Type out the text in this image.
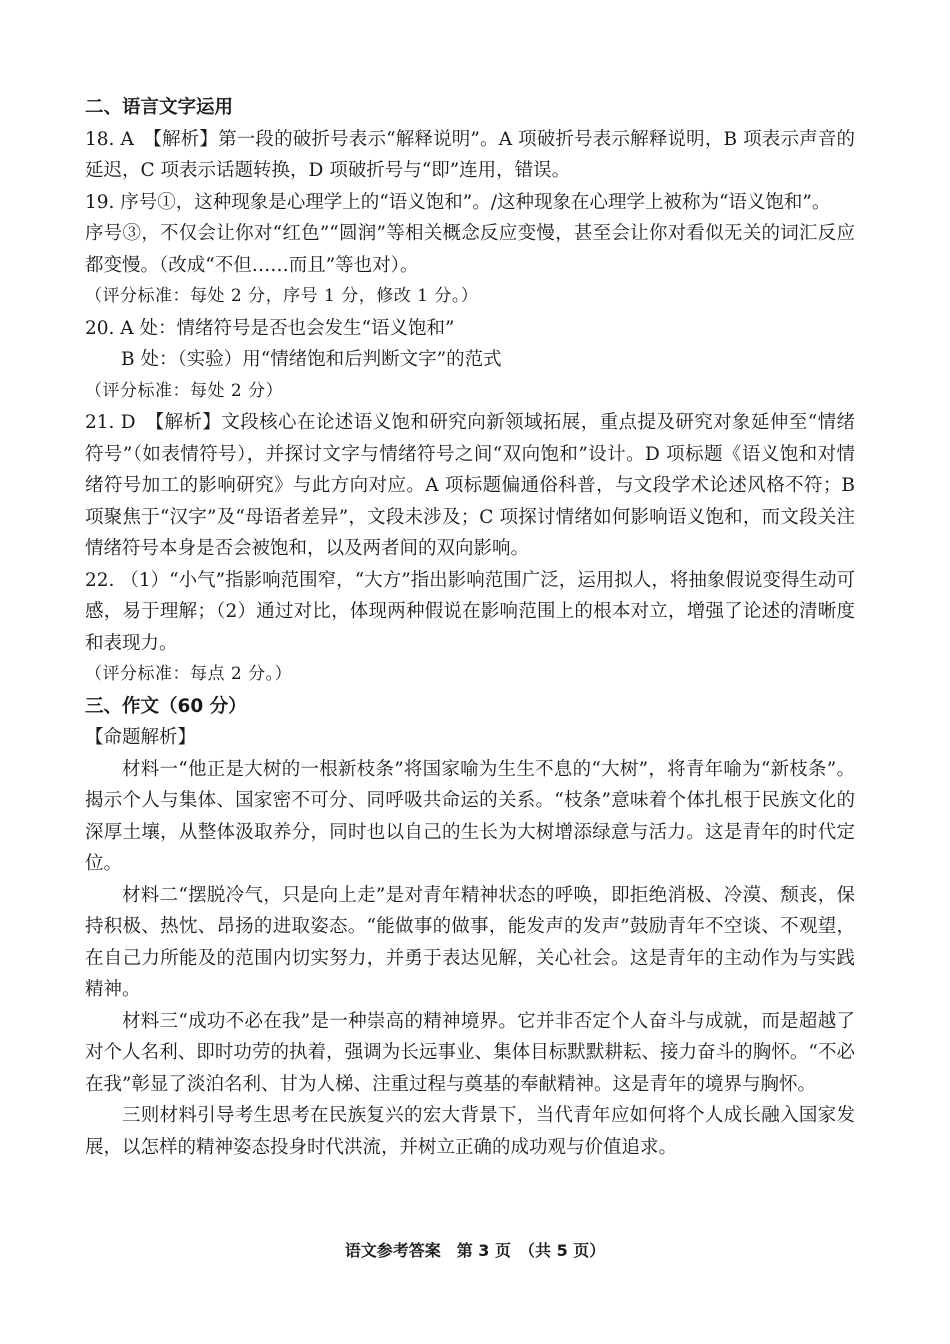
二、语言文字运用
18. A　【解析】第一段的破折号表示“解释说明”。A 项破折号表示解释说明，B 项表示声音的延迟，C 项表示话题转换，D 项破折号与“即”连用，错误。
19. 序号①，这种现象是心理学上的“语义饱和”。/这种现象在心理学上被称为“语义饱和”。
序号③，不仅会让你对“红色”“圆润”等相关概念反应变慢，甚至会让你对看似无关的词汇反应都变慢。（改成“不但……而且”等也对）。
（评分标准：每处 2 分，序号 1 分，修改 1 分。）
20. A 处：情绪符号是否也会发生“语义饱和”
B 处：（实验）用“情绪饱和后判断文字”的范式
（评分标准：每处 2 分）
21. D　【解析】文段核心在论述语义饱和研究向新领域拓展，重点提及研究对象延伸至“情绪符号”（如表情符号），并探讨文字与情绪符号之间“双向饱和”设计。D 项标题《语义饱和对情绪符号加工的影响研究》与此方向对应。A 项标题偏通俗科普，与文段学术论述风格不符；B 项聚焦于“汉字”及“母语者差异”，文段未涉及；C 项探讨情绪如何影响语义饱和，而文段关注情绪符号本身是否会被饱和，以及两者间的双向影响。
22. （1）“小气”指影响范围窄，“大方”指出影响范围广泛，运用拟人，将抽象假说变得生动可感，易于理解；（2）通过对比，体现两种假说在影响范围上的根本对立，增强了论述的清晰度和表现力。
（评分标准：每点 2 分。）
三、作文（60 分）
【命题解析】
材料一“他正是大树的一根新枝条”将国家喻为生生不息的“大树”，将青年喻为“新枝条”。揭示个人与集体、国家密不可分、同呼吸共命运的关系。“枝条”意味着个体扎根于民族文化的深厚土壤，从整体汲取养分，同时也以自己的生长为大树增添绿意与活力。这是青年的时代定位。
材料二“摆脱冷气，只是向上走”是对青年精神状态的呼唤，即拒绝消极、冷漠、颓丧，保持积极、热忱、昂扬的进取姿态。“能做事的做事，能发声的发声”鼓励青年不空谈、不观望，在自己力所能及的范围内切实努力，并勇于表达见解，关心社会。这是青年的主动作为与实践精神。
材料三“成功不必在我”是一种崇高的精神境界。它并非否定个人奋斗与成就，而是超越了对个人名利、即时功劳的执着，强调为长远事业、集体目标默默耕耘、接力奋斗的胸怀。“不必在我”彰显了淡泊名利、甘为人梯、注重过程与奠基的奉献精神。这是青年的境界与胸怀。
三则材料引导考生思考在民族复兴的宏大背景下，当代青年应如何将个人成长融入国家发展，以怎样的精神姿态投身时代洪流，并树立正确的成功观与价值追求。
语文参考答案　第 3 页　（共 5 页）
